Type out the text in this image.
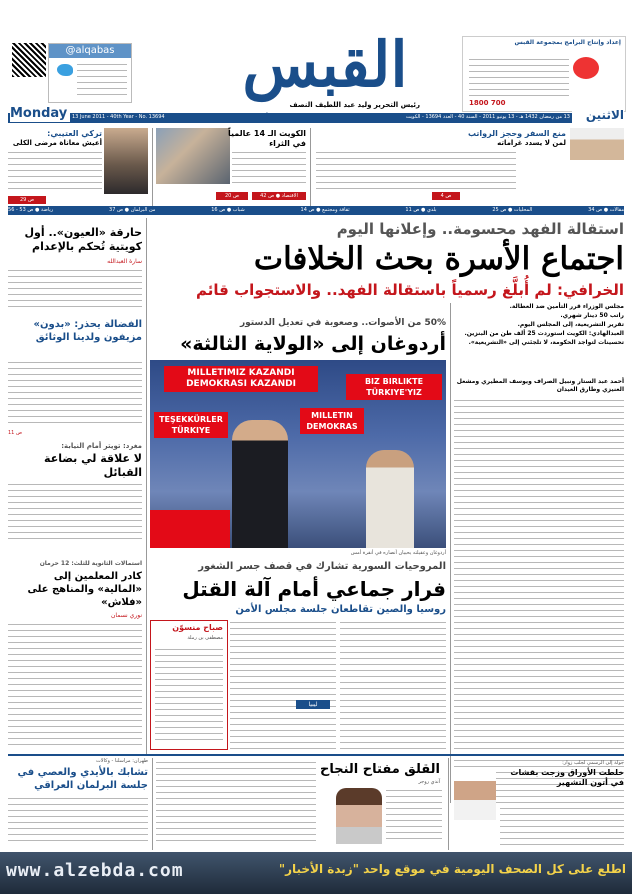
@alqabas	القبس
رئيس التحرير وليد عبد اللطيف النصف
إعداد وإنتاج البرامج بمجموعة القبس
1800 700
Monday 13 June 2011 - 40th Year - No. 13694	13 من رمضان 1432 هـ - 13 يونيو 2011 - السنة 40 - العدد 13694 - الكويت	الاثنين
تركي العتيبي:
أعيش معاناة مرضى الكلى
ص 29
الكويت الـ 14 عالمياً
في الثراء
الاقتصاد ● ص 42
ص 20
منع السفر وحجز الرواتب
لمن لا يسدد غراماته
ص 4
مقالات ● ص 34
المحليات ● ص 25
بلدي ● ص 11
ثقافة ومجتمع ● ص 14
شباب ● ص 16
من البرلمان ● ص 37
رياضة ● ص 53 - 56
استقالة الفهد محسومة.. وإعلانها اليوم
اجتماع الأسرة بحث الخلافات
الخرافي: لم أُبلَّغ رسمياً باستقالة الفهد.. والاستجواب قائم
مجلس الوزراء قرر التأمين ضد العطالة.
راتب 50 دينار شهري.
تقرير التشريعية، إلى المجلس اليوم.
العبدالهادي: الكويت استوردت 25 ألف طن من البنزين.
تحسينات لتواجد الحكومة، لا تلجئني إلى «التشريعية».
أحمد عبد الستار ونبيل الصراف ويوسف المطيري ومشعل العنيزي وطارق العيدان
50% من الأصوات.. وصعوبة في تعديل الدستور
أردوغان إلى «الولاية الثالثة»
MILLETIMIZ KAZANDI
DEMOKRASI KAZANDI	BIZ BIRLIKTE
TÜRKIYE'YIZ
TEŞEKKÜRLER
TÜRKIYE
MILLETIN
DEMOKRAS
أردوغان وعقيلته يحييان أنصاره في أنقرة أمس
المروحيات السورية تشارك في قصف جسر الشغور
فرار جماعي أمام آلة القتل
روسيا والصين تقاطعان جلسة مجلس الأمن
ليبيا
صباح منسوّن
مصطفى بن رملة
حارقة «العيون».. أول كويتية تُحكم بالإعدام
سارة العبدالله
الفضالة يحذر: «بدون» مزيفون ولدينا الوثائق
ص 11
مغرد: تويتر أمام النيابة:
لا علاقة لي بضاعة القبائل
استمالات الثانوية للثلث: 12 حرمان
كادر المعلمين إلى «المالية» والمناهج على «فلاش»
نوري نسمان
طهران: مراسلنا - وكالات
تشابك بالأيدي والعصي في جلسة البرلمان العراقي
القلق مفتاح النجاح
آندي روجر
جولة إلى الرسمي لجلب زوار:
خلطت الأوراق وزجت بقشات في أتون التشهير
www.alzebda.com	اطلع على كل الصحف اليومية في موقع واحد "زبدة الأخبار"
